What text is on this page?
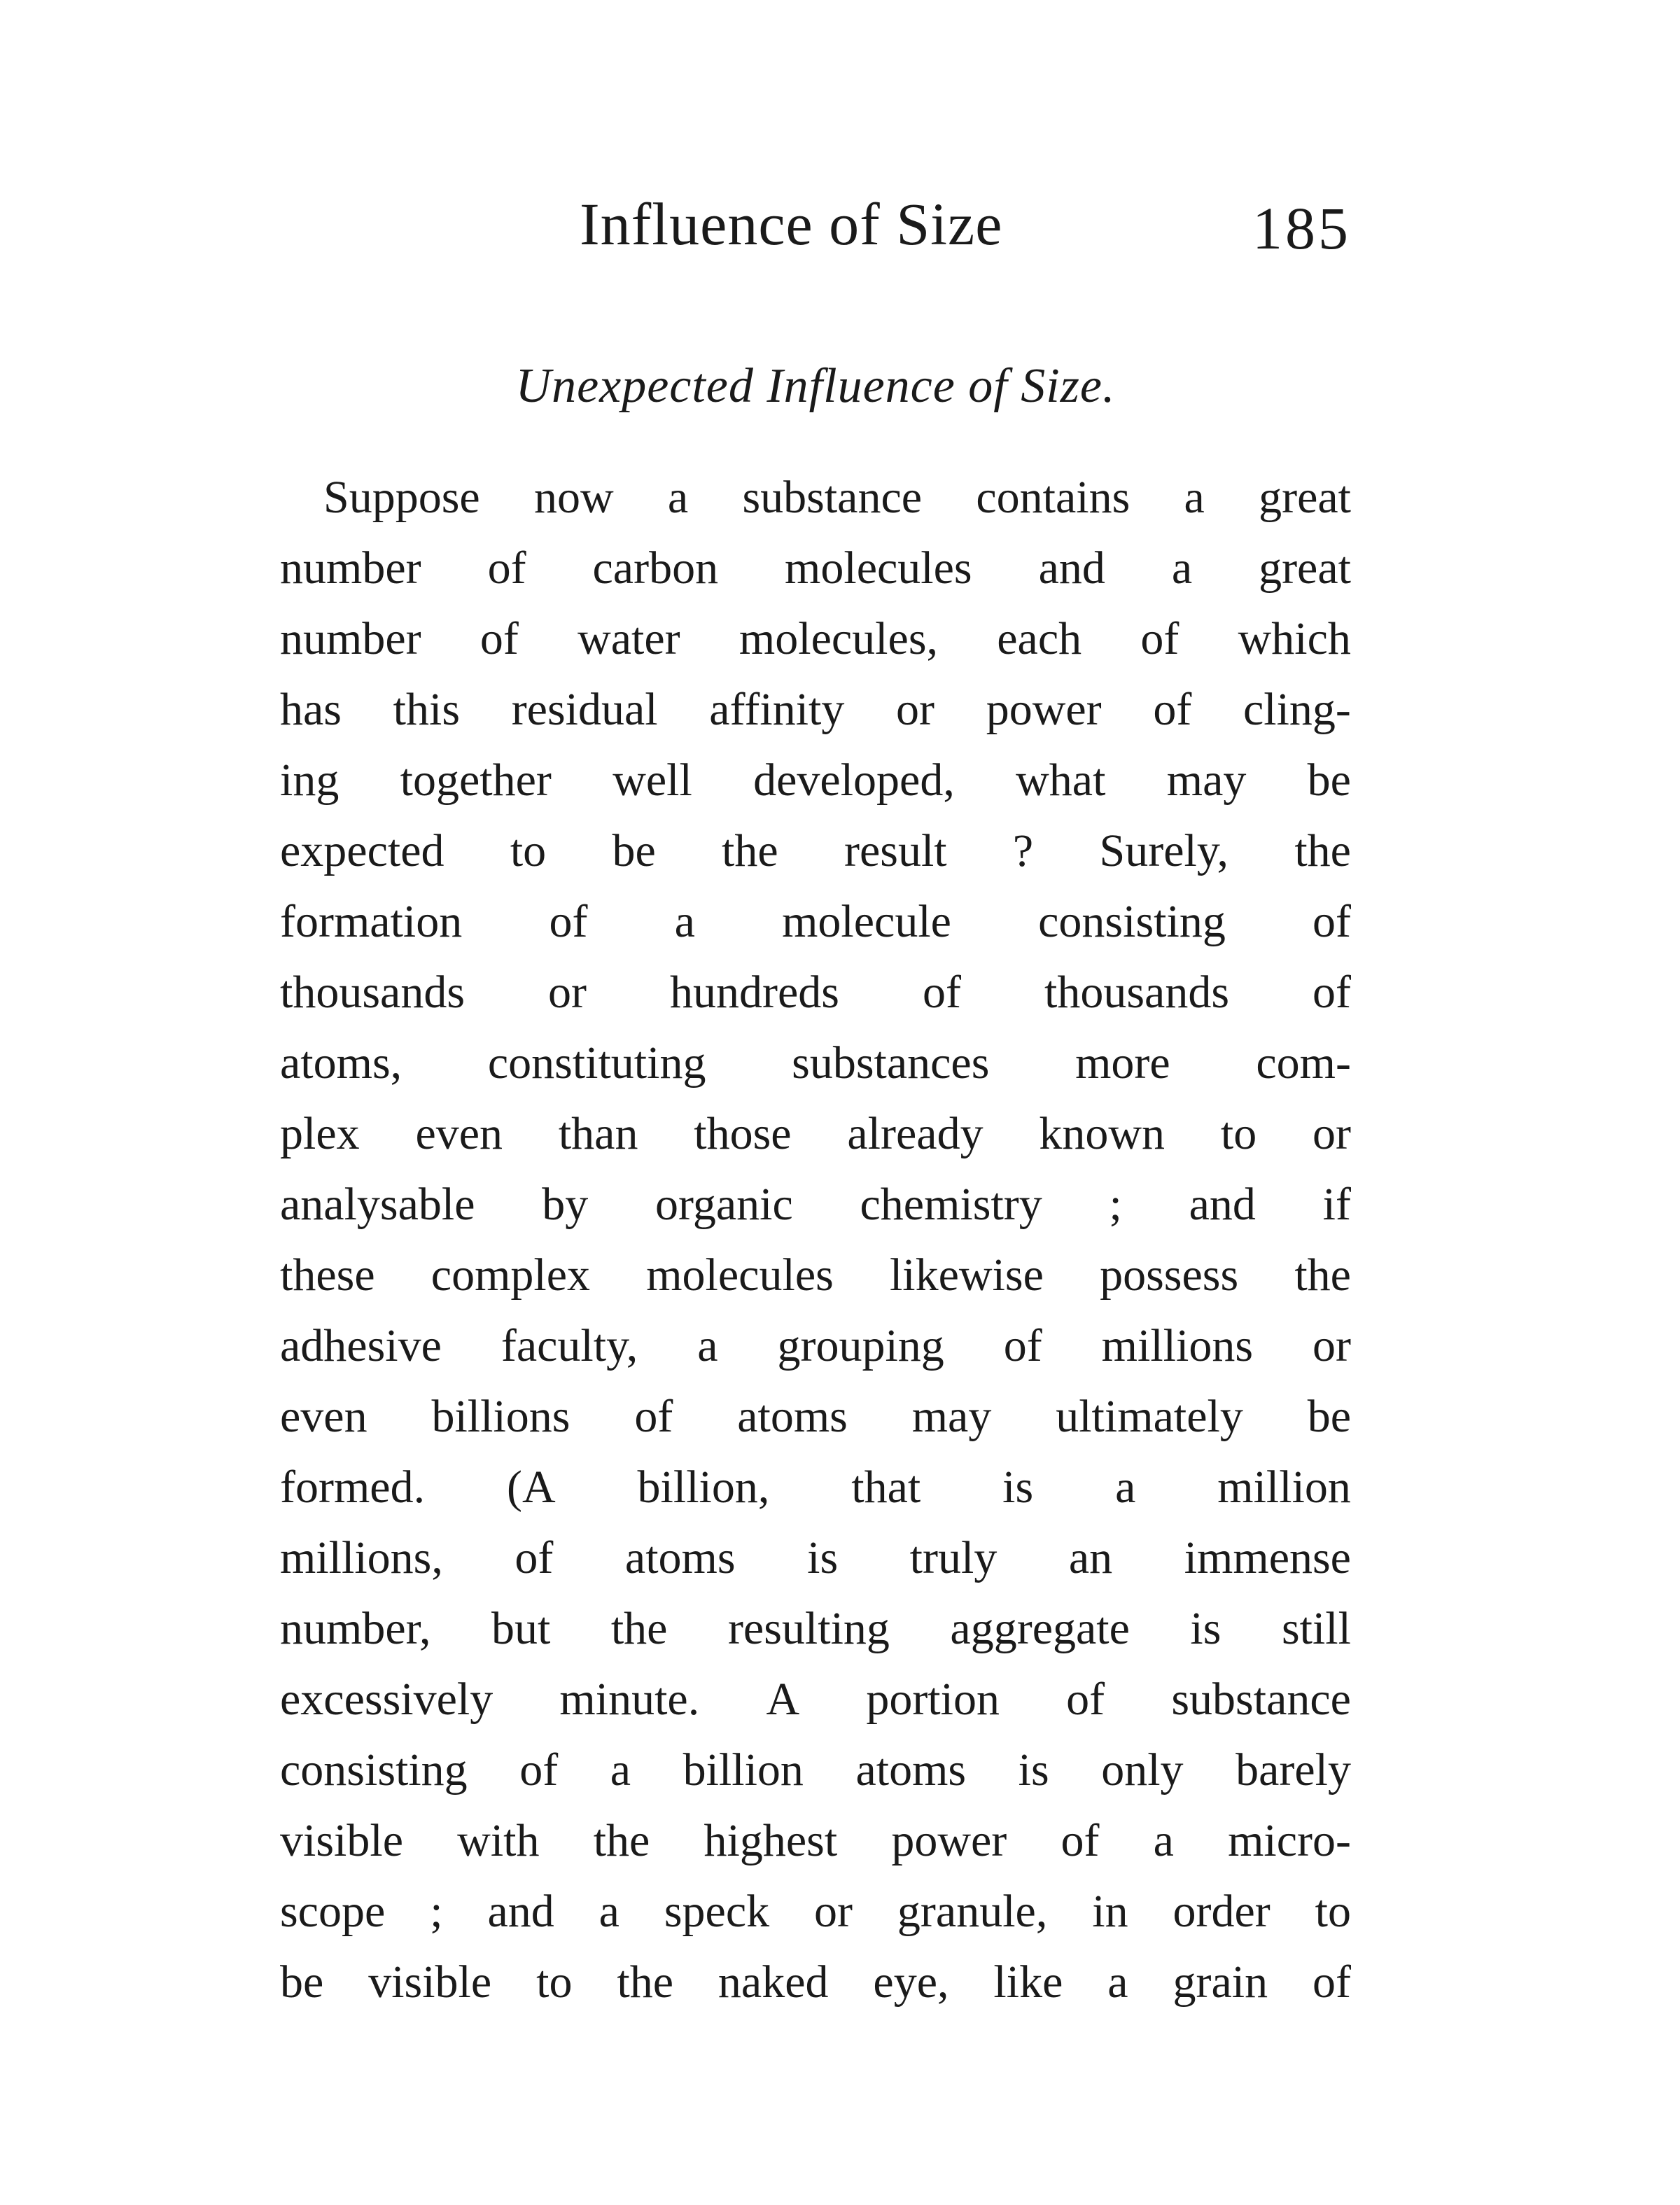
Influence of Size	185
Unexpected Influence of Size.
Suppose now a substance contains a great
number of carbon molecules and a great
number of water molecules, each of which
has this residual affinity or power of cling-
ing together well developed, what may be
expected to be the result ? Surely, the
formation of a molecule consisting of
thousands or hundreds of thousands of
atoms, constituting substances more com-
plex even than those already known to or
analysable by organic chemistry ; and if
these complex molecules likewise possess the
adhesive faculty, a grouping of millions or
even billions of atoms may ultimately be
formed. (A billion, that is a million
millions, of atoms is truly an immense
number, but the resulting aggregate is still
excessively minute. A portion of substance
consisting of a billion atoms is only barely
visible with the highest power of a micro-
scope ; and a speck or granule, in order to
be visible to the naked eye, like a grain of
